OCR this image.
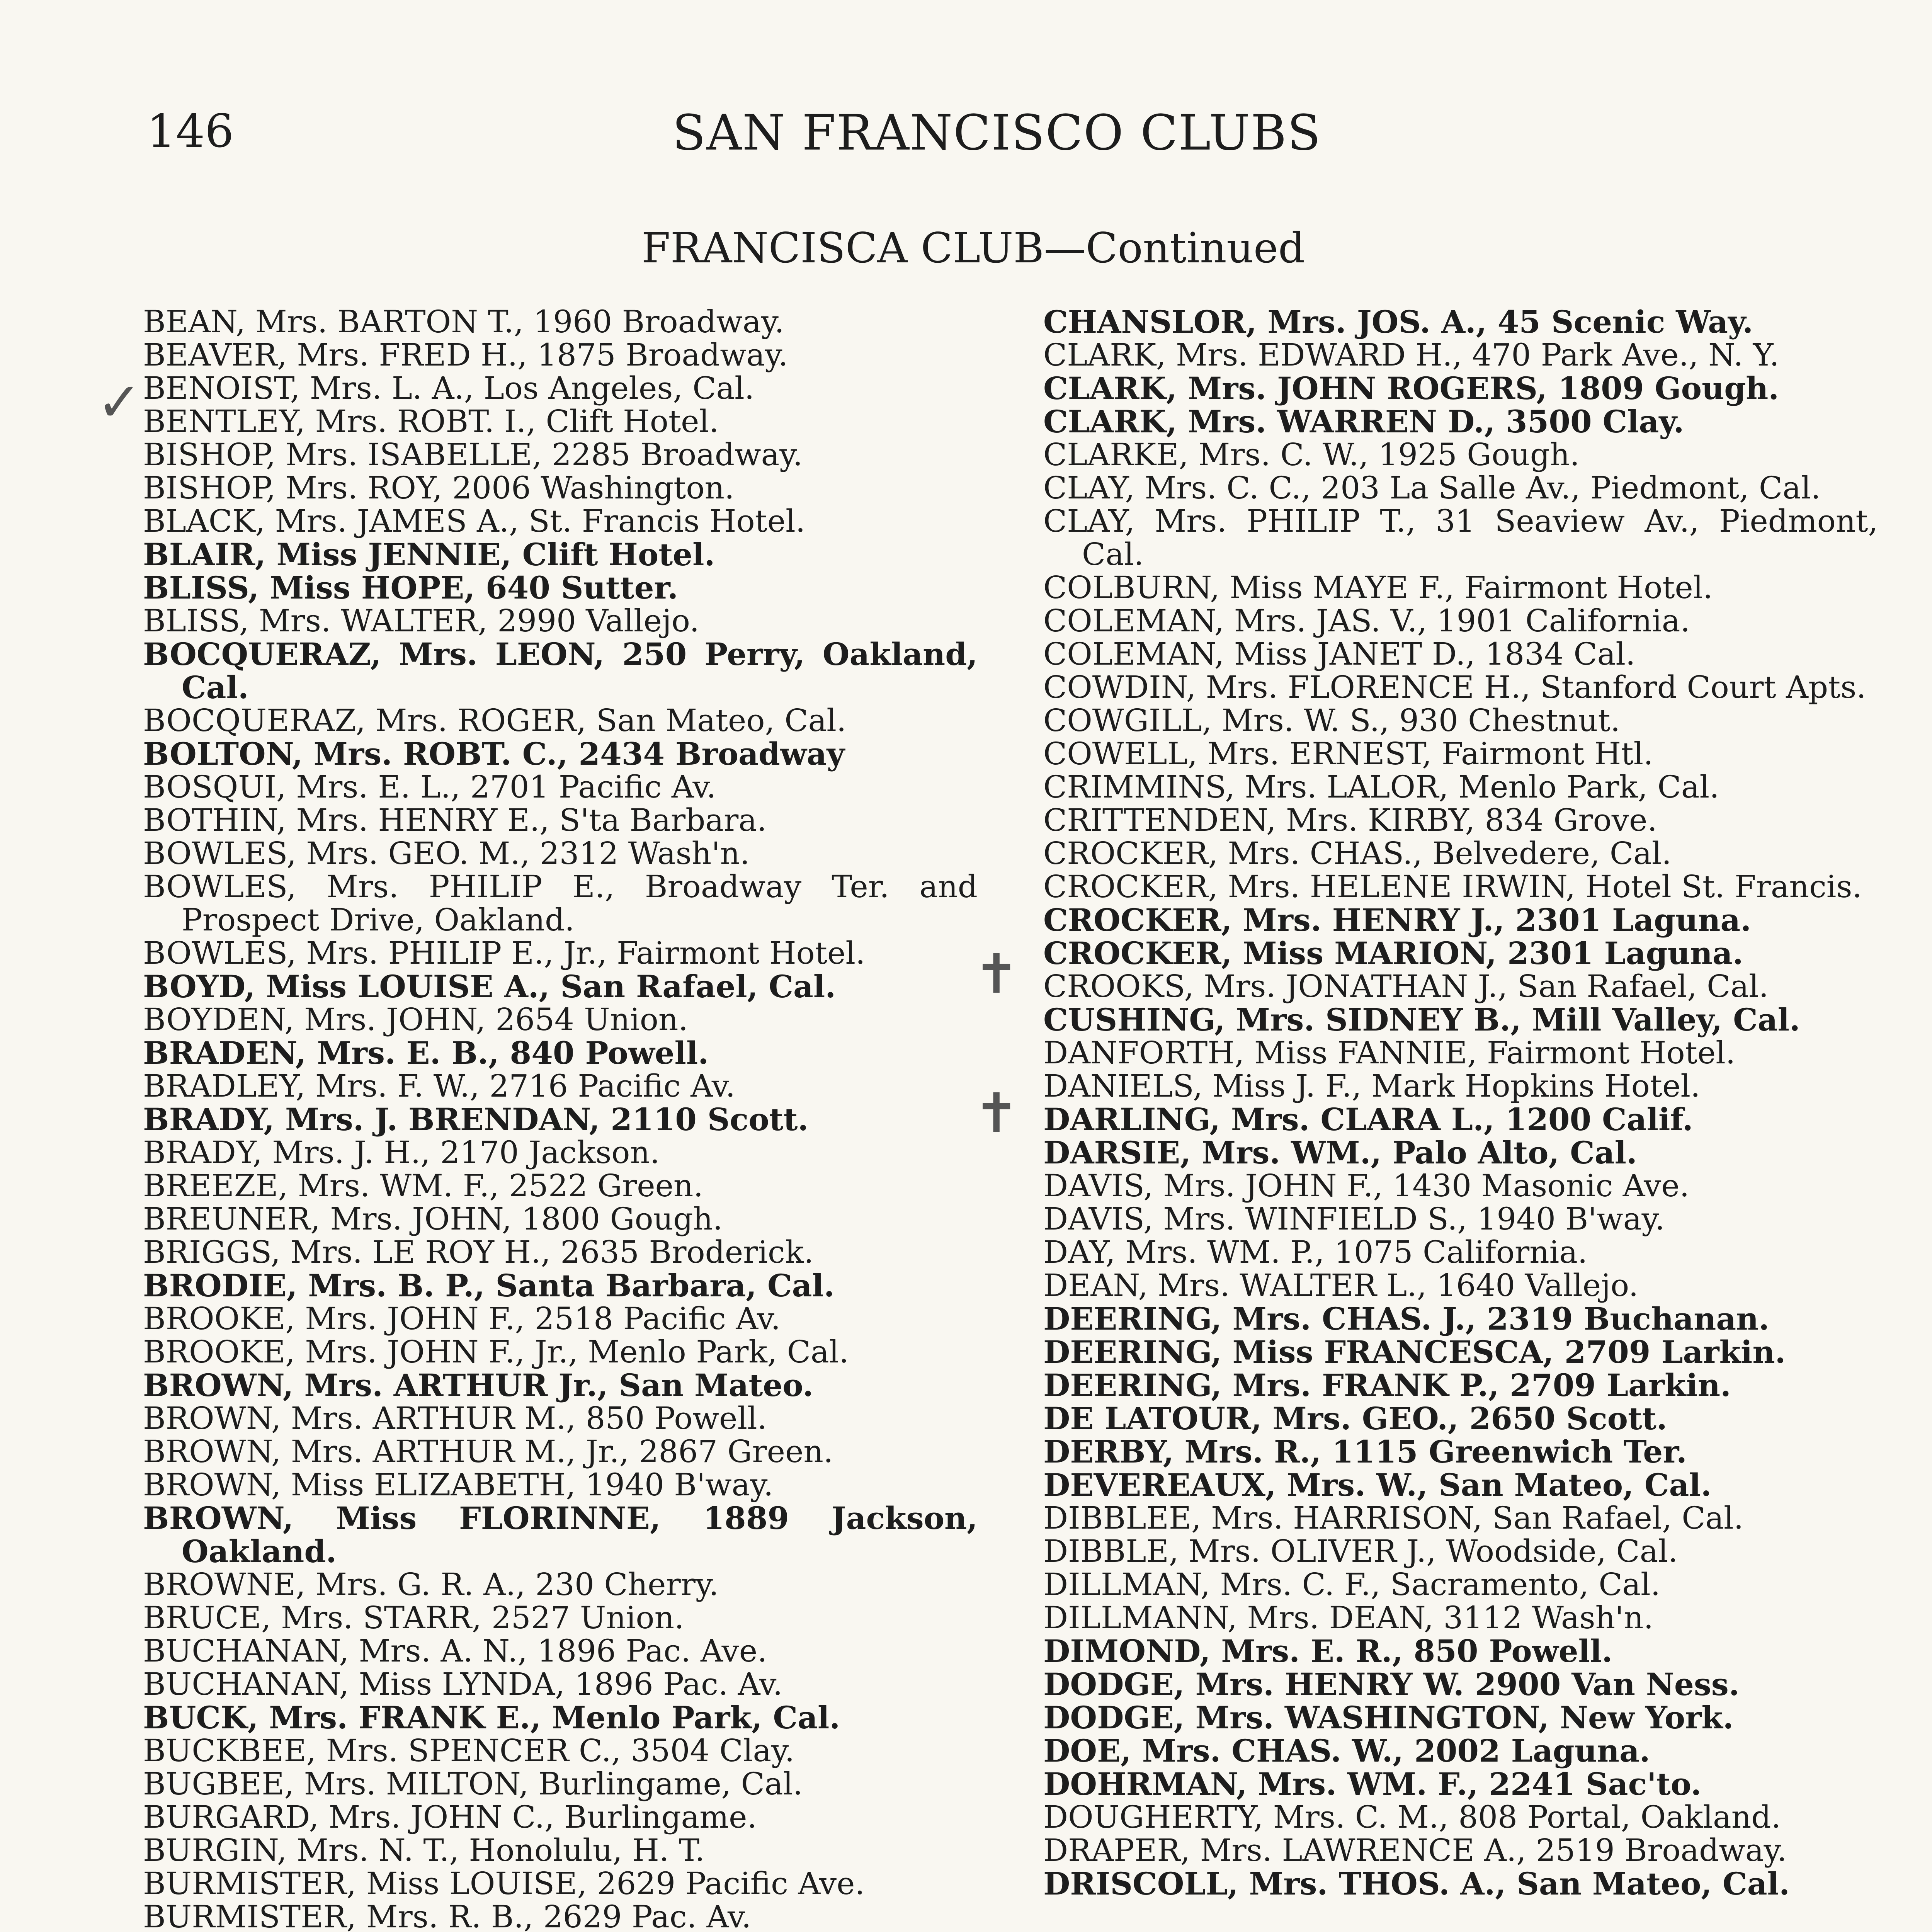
146	SAN FRANCISCO CLUBS
FRANCISCA CLUB—Continued
BEAN, Mrs. BARTON T., 1960 Broadway.
BEAVER, Mrs. FRED H., 1875 Broadway.
BENOIST, Mrs. L. A., Los Angeles, Cal.
BENTLEY, Mrs. ROBT. I., Clift Hotel.
BISHOP, Mrs. ISABELLE, 2285 Broadway.
BISHOP, Mrs. ROY, 2006 Washington.
BLACK, Mrs. JAMES A., St. Francis Hotel.
BLAIR, Miss JENNIE, Clift Hotel.
BLISS, Miss HOPE, 640 Sutter.
BLISS, Mrs. WALTER, 2990 Vallejo.
BOCQUERAZ, Mrs. LEON, 250 Perry, Oakland, Cal.
BOCQUERAZ, Mrs. ROGER, San Mateo, Cal.
BOLTON, Mrs. ROBT. C., 2434 Broadway
BOSQUI, Mrs. E. L., 2701 Pacific Av.
BOTHIN, Mrs. HENRY E., S'ta Barbara.
BOWLES, Mrs. GEO. M., 2312 Wash'n.
BOWLES, Mrs. PHILIP E., Broadway Ter. and Prospect Drive, Oakland.
BOWLES, Mrs. PHILIP E., Jr., Fairmont Hotel.
BOYD, Miss LOUISE A., San Rafael, Cal.
BOYDEN, Mrs. JOHN, 2654 Union.
BRADEN, Mrs. E. B., 840 Powell.
BRADLEY, Mrs. F. W., 2716 Pacific Av.
BRADY, Mrs. J. BRENDAN, 2110 Scott.
BRADY, Mrs. J. H., 2170 Jackson.
BREEZE, Mrs. WM. F., 2522 Green.
BREUNER, Mrs. JOHN, 1800 Gough.
BRIGGS, Mrs. LE ROY H., 2635 Broderick.
BRODIE, Mrs. B. P., Santa Barbara, Cal.
BROOKE, Mrs. JOHN F., 2518 Pacific Av.
BROOKE, Mrs. JOHN F., Jr., Menlo Park, Cal.
BROWN, Mrs. ARTHUR Jr., San Mateo.
BROWN, Mrs. ARTHUR M., 850 Powell.
BROWN, Mrs. ARTHUR M., Jr., 2867 Green.
BROWN, Miss ELIZABETH, 1940 B'way.
BROWN, Miss FLORINNE, 1889 Jackson, Oakland.
BROWNE, Mrs. G. R. A., 230 Cherry.
BRUCE, Mrs. STARR, 2527 Union.
BUCHANAN, Mrs. A. N., 1896 Pac. Ave.
BUCHANAN, Miss LYNDA, 1896 Pac. Av.
BUCK, Mrs. FRANK E., Menlo Park, Cal.
BUCKBEE, Mrs. SPENCER C., 3504 Clay.
BUGBEE, Mrs. MILTON, Burlingame, Cal.
BURGARD, Mrs. JOHN C., Burlingame.
BURGIN, Mrs. N. T., Honolulu, H. T.
BURMISTER, Miss LOUISE, 2629 Pacific Ave.
BURMISTER, Mrs. R. B., 2629 Pac. Av.
CHANSLOR, Mrs. JOS. A., 45 Scenic Way.
CLARK, Mrs. EDWARD H., 470 Park Ave., N. Y.
CLARK, Mrs. JOHN ROGERS, 1809 Gough.
CLARK, Mrs. WARREN D., 3500 Clay.
CLARKE, Mrs. C. W., 1925 Gough.
CLAY, Mrs. C. C., 203 La Salle Av., Piedmont, Cal.
CLAY, Mrs. PHILIP T., 31 Seaview Av., Piedmont, Cal.
COLBURN, Miss MAYE F., Fairmont Hotel.
COLEMAN, Mrs. JAS. V., 1901 California.
COLEMAN, Miss JANET D., 1834 Cal.
COWDIN, Mrs. FLORENCE H., Stanford Court Apts.
COWGILL, Mrs. W. S., 930 Chestnut.
COWELL, Mrs. ERNEST, Fairmont Htl.
CRIMMINS, Mrs. LALOR, Menlo Park, Cal.
CRITTENDEN, Mrs. KIRBY, 834 Grove.
CROCKER, Mrs. CHAS., Belvedere, Cal.
CROCKER, Mrs. HELENE IRWIN, Hotel St. Francis.
CROCKER, Mrs. HENRY J., 2301 Laguna.
CROCKER, Miss MARION, 2301 Laguna.
CROOKS, Mrs. JONATHAN J., San Rafael, Cal.
CUSHING, Mrs. SIDNEY B., Mill Valley, Cal.
DANFORTH, Miss FANNIE, Fairmont Hotel.
DANIELS, Miss J. F., Mark Hopkins Hotel.
DARLING, Mrs. CLARA L., 1200 Calif.
DARSIE, Mrs. WM., Palo Alto, Cal.
DAVIS, Mrs. JOHN F., 1430 Masonic Ave.
DAVIS, Mrs. WINFIELD S., 1940 B'way.
DAY, Mrs. WM. P., 1075 California.
DEAN, Mrs. WALTER L., 1640 Vallejo.
DEERING, Mrs. CHAS. J., 2319 Buchanan.
DEERING, Miss FRANCESCA, 2709 Larkin.
DEERING, Mrs. FRANK P., 2709 Larkin.
DE LATOUR, Mrs. GEO., 2650 Scott.
DERBY, Mrs. R., 1115 Greenwich Ter.
DEVEREAUX, Mrs. W., San Mateo, Cal.
DIBBLEE, Mrs. HARRISON, San Rafael, Cal.
DIBBLE, Mrs. OLIVER J., Woodside, Cal.
DILLMAN, Mrs. C. F., Sacramento, Cal.
DILLMANN, Mrs. DEAN, 3112 Wash'n.
DIMOND, Mrs. E. R., 850 Powell.
DODGE, Mrs. HENRY W. 2900 Van Ness.
DODGE, Mrs. WASHINGTON, New York.
DOE, Mrs. CHAS. W., 2002 Laguna.
DOHRMAN, Mrs. WM. F., 2241 Sac'to.
DOUGHERTY, Mrs. C. M., 808 Portal, Oakland.
DRAPER, Mrs. LAWRENCE A., 2519 Broadway.
DRISCOLL, Mrs. THOS. A., San Mateo, Cal.
✓
✝
✝
